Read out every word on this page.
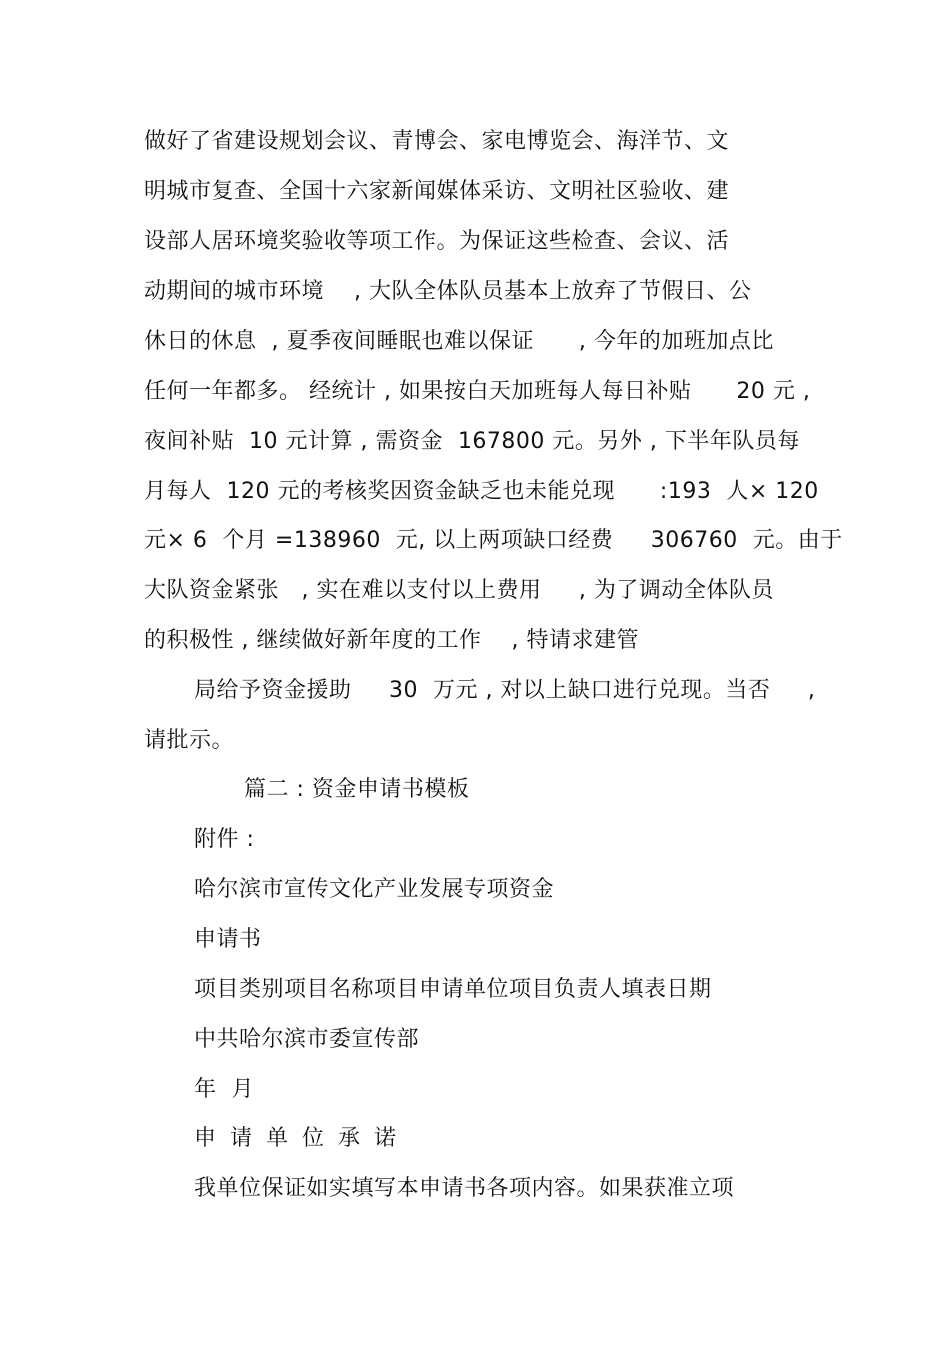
做好了省建设规划会议、青博会、家电博览会、海洋节、文
明城市复查、全国十六家新闻媒体采访、文明社区验收、建
设部人居环境奖验收等项工作。为保证这些检查、会议、活
动期间的城市环境    , 大队全体队员基本上放弃了节假日、公
休日的休息  , 夏季夜间睡眠也难以保证      , 今年的加班加点比
任何一年都多。 经统计 , 如果按白天加班每人每日补贴      20 元 ,
夜间补贴  10 元计算 , 需资金  167800 元。另外 , 下半年队员每
月每人  120 元的考核奖因资金缺乏也未能兑现      :193  人× 120
元× 6  个月 =138960  元, 以上两项缺口经费     306760  元。由于
大队资金紧张   , 实在难以支付以上费用     , 为了调动全体队员
的积极性 , 继续做好新年度的工作    , 特请求建管
局给予资金援助     30  万元 , 对以上缺口进行兑现。当否     ,
请批示。
篇二 : 资金申请书模板
附件 :
哈尔滨市宣传文化产业发展专项资金
申请书
项目类别项目名称项目申请单位项目负责人填表日期
中共哈尔滨市委宣传部
年  月
申请单位承诺
我单位保证如实填写本申请书各项内容。如果获准立项
